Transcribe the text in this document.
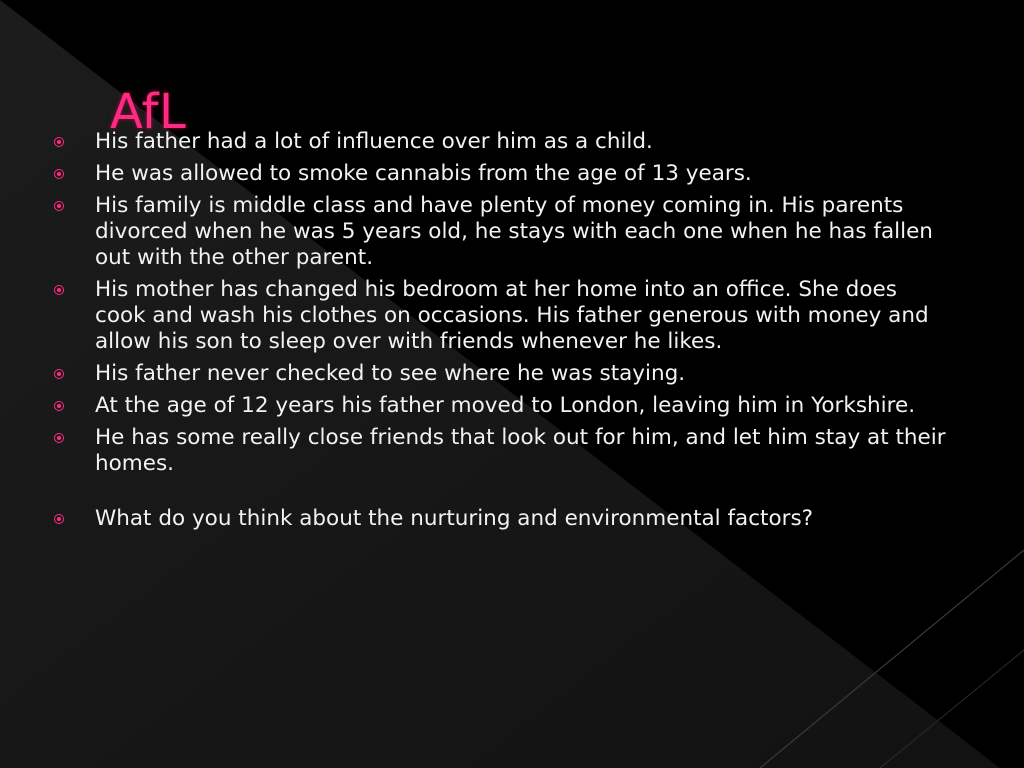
AfL
His father had a lot of influence over him as a child.
He was allowed to smoke cannabis from the age of 13 years.
His family is middle class and have plenty of money coming in. His parents divorced when he was 5 years old, he stays with each one when he has fallen out with the other parent.
His mother has changed his bedroom at her home into an office. She does cook and wash his clothes on occasions. His father generous with money and allow his son to sleep over with friends whenever he likes.
His father never checked to see where he was staying.
At the age of 12 years his father moved to London, leaving him in Yorkshire.
He has some really close friends that look out for him, and let him stay at their homes.
What do you think about the nurturing and environmental factors?
